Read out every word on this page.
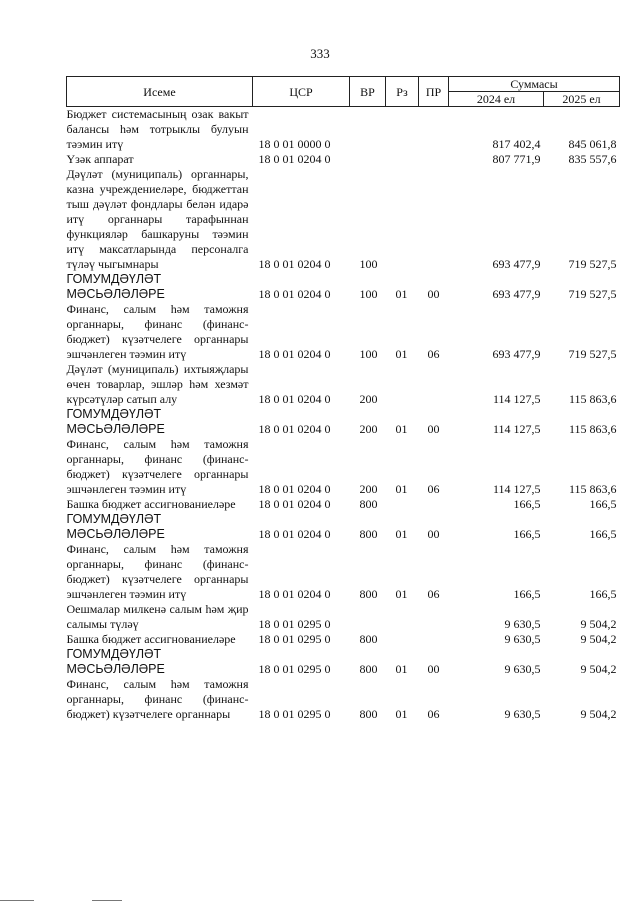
333
Исеме	ЦСР	ВР	Рз	ПР	Суммасы	
					2024 ел	2025 ел
Бюджет системасының озак вакыт балансы һәм тотрыклы булуын тәэмин итү	18 0 01 0000 0				817 402,4	845 061,8
Үзәк аппарат	18 0 01 0204 0				807 771,9	835 557,6
Дәүләт (муниципаль) органнары, казна учреждениеләре, бюджеттан тыш дәүләт фондлары белән идарә итү органнары тарафыннан функцияләр башкаруны тәэмин итү максатларында персоналга түләү чыгымнары	18 0 01 0204 0	100			693 477,9	719 527,5
ГОМУМДӘҮЛӘТ МӘСЬӘЛӘЛӘРЕ	18 0 01 0204 0	100	01	00	693 477,9	719 527,5
Финанс, салым һәм таможня органнары, финанс (финанс-бюджет) күзәтчелеге органнары эшчәнлеген тәэмин итү	18 0 01 0204 0	100	01	06	693 477,9	719 527,5
Дәүләт (муниципаль) ихтыяҗлары өчен товарлар, эшләр һәм хезмәт күрсәтүләр сатып алу	18 0 01 0204 0	200			114 127,5	115 863,6
ГОМУМДӘҮЛӘТ МӘСЬӘЛӘЛӘРЕ	18 0 01 0204 0	200	01	00	114 127,5	115 863,6
Финанс, салым һәм таможня органнары, финанс (финанс-бюджет) күзәтчелеге органнары эшчәнлеген тәэмин итү	18 0 01 0204 0	200	01	06	114 127,5	115 863,6
Башка бюджет ассигнованиеләре	18 0 01 0204 0	800			166,5	166,5
ГОМУМДӘҮЛӘТ МӘСЬӘЛӘЛӘРЕ	18 0 01 0204 0	800	01	00	166,5	166,5
Финанс, салым һәм таможня органнары, финанс (финанс-бюджет) күзәтчелеге органнары эшчәнлеген тәэмин итү	18 0 01 0204 0	800	01	06	166,5	166,5
Оешмалар милкенә салым һәм җир салымы түләү	18 0 01 0295 0				9 630,5	9 504,2
Башка бюджет ассигнованиеләре	18 0 01 0295 0	800			9 630,5	9 504,2
ГОМУМДӘҮЛӘТ МӘСЬӘЛӘЛӘРЕ	18 0 01 0295 0	800	01	00	9 630,5	9 504,2
Финанс, салым һәм таможня органнары, финанс (финанс-бюджет) күзәтчелеге органнары	18 0 01 0295 0	800	01	06	9 630,5	9 504,2
